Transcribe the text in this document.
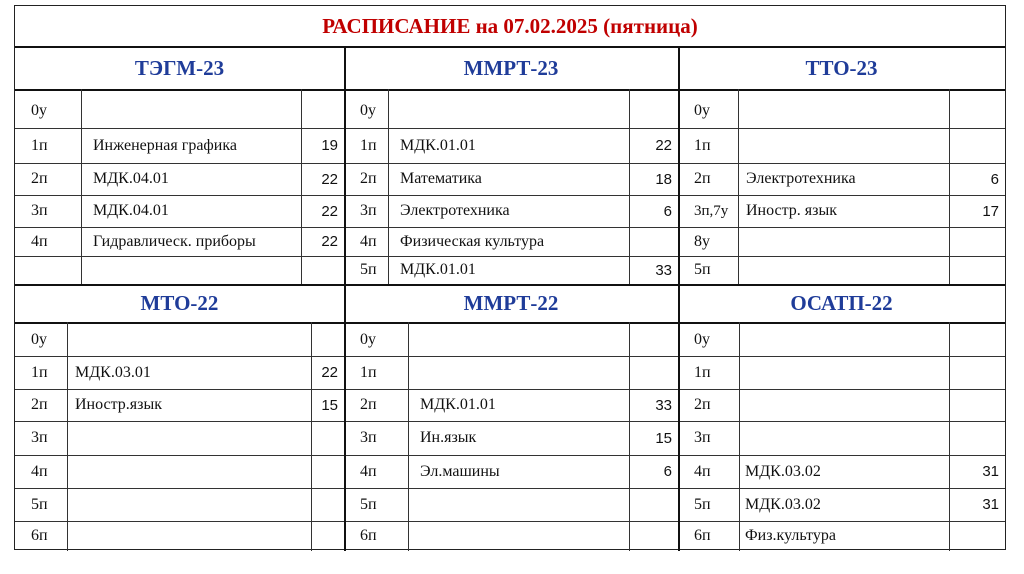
РАСПИСАНИЕ на 07.02.2025 (пятница)
ТЭГМ-23
0у
1п	Инженерная графика	19
2п	МДК.04.01	22
3п	МДК.04.01	22
4п	Гидравлическ. приборы	22
ММРТ-23
0у
1п	МДК.01.01	22
2п	Математика	18
3п	Электротехника	6
4п	Физическая культура
5п	МДК.01.01	33
ТТО-23
0у
1п
2п	Электротехника	6
3п,7у	Иностр. язык	17
8у
5п
МТО-22
0у
1п	МДК.03.01	22
2п	Иностр.язык	15
3п
4п
5п
6п
ММРТ-22
0у
1п
2п	МДК.01.01	33
3п	Ин.язык	15
4п	Эл.машины	6
5п
6п
ОСАТП-22
0у
1п
2п
3п
4п	МДК.03.02	31
5п	МДК.03.02	31
6п	Физ.культура
